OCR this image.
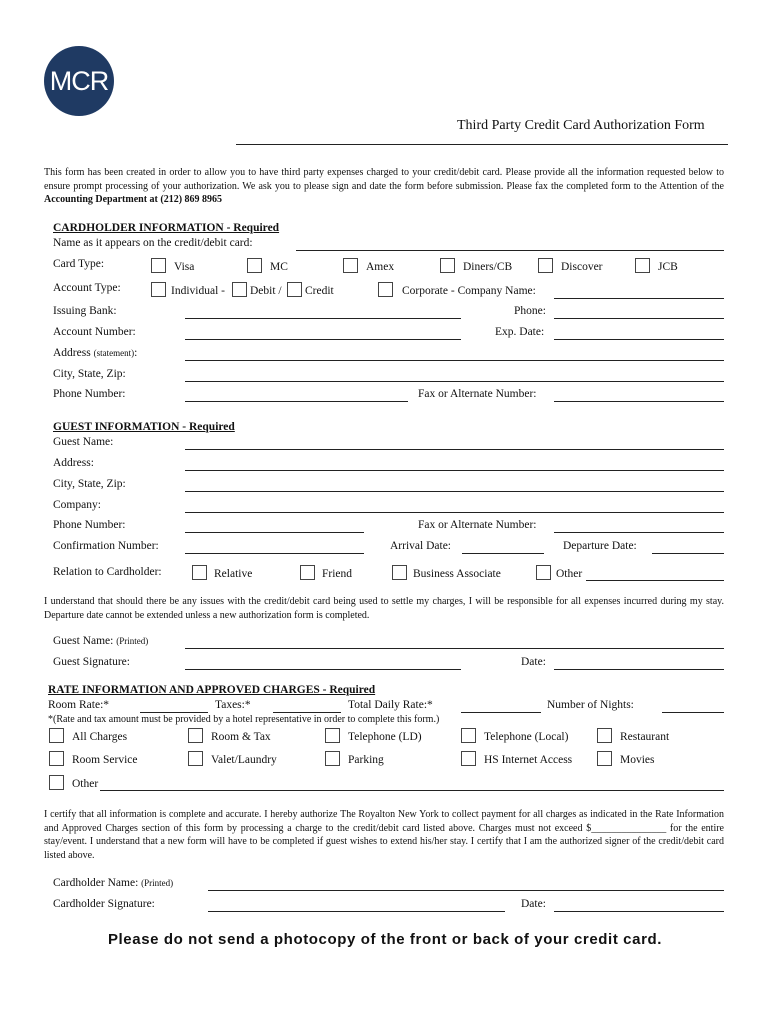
MCR
Third Party Credit Card Authorization Form
This form has been created in order to allow you to have third party expenses charged to your credit/debit card. Please provide all the information requested below to ensure prompt processing of your authorization. We ask you to please sign and date the form before submission. Please fax the completed form to the Attention of the Accounting Department at (212) 869 8965
CARDHOLDER INFORMATION - Required
Name as it appears on the credit/debit card:
Card Type:	Visa	MC	Amex	Diners/CB	Discover	JCB
Account Type:	Individual - Debit / Credit	Corporate - Company Name:
Issuing Bank:	Phone:
Account Number:	Exp. Date:
Address (statement):
City, State, Zip:
Phone Number:	Fax or Alternate Number:
GUEST INFORMATION - Required
Guest Name:
Address:
City, State, Zip:
Company:
Phone Number:	Fax or Alternate Number:
Confirmation Number:	Arrival Date:	Departure Date:
Relation to Cardholder:	Relative	Friend	Business Associate	Other
I understand that should there be any issues with the credit/debit card being used to settle my charges, I will be responsible for all expenses incurred during my stay. Departure date cannot be extended unless a new authorization form is completed.
Guest Name: (Printed)
Guest Signature:	Date:
RATE INFORMATION AND APPROVED CHARGES - Required
Room Rate:*	Taxes:*	Total Daily Rate:*	Number of Nights:
*(Rate and tax amount must be provided by a hotel representative in order to complete this form.)
All Charges	Room & Tax	Telephone (LD)	Telephone (Local)	Restaurant
Room Service	Valet/Laundry	Parking	HS Internet Access	Movies
Other
I certify that all information is complete and accurate. I hereby authorize The Royalton New York to collect payment for all charges as indicated in the Rate Information and Approved Charges section of this form by processing a charge to the credit/debit card listed above. Charges must not exceed $_______________ for the entire stay/event. I understand that a new form will have to be completed if guest wishes to extend his/her stay. I certify that I am the authorized signer of the credit/debit card listed above.
Cardholder Name: (Printed)
Cardholder Signature:	Date:
Please do not send a photocopy of the front or back of your credit card.
